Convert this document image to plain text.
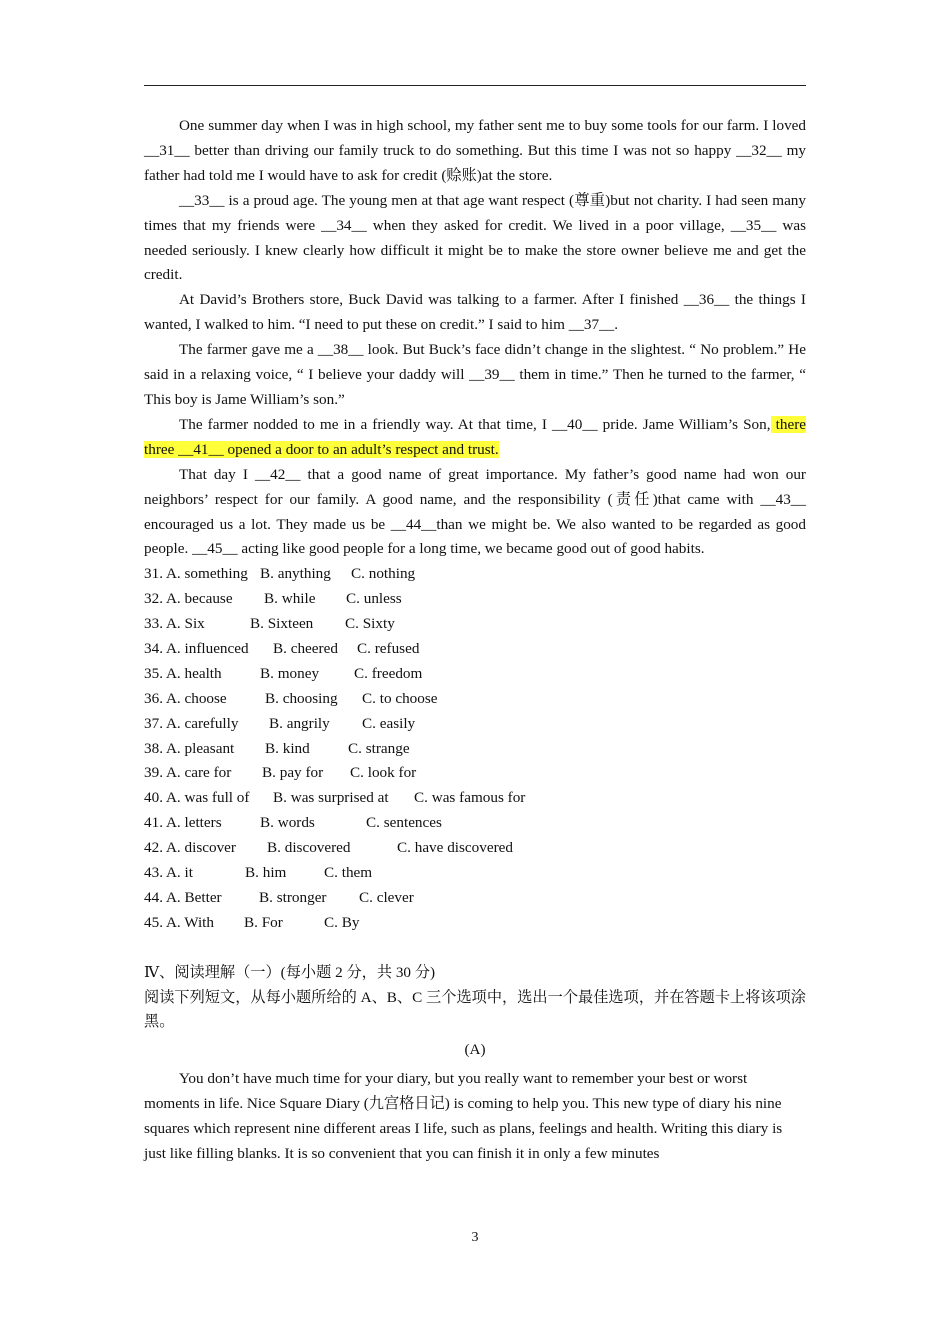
One summer day when I was in high school, my father sent me to buy some tools for our farm. I loved __31__ better than driving our family truck to do something. But this time I was not so happy __32__ my father had told me I would have to ask for credit (赊账)at the store.

__33__ is a proud age. The young men at that age want respect (尊重)but not charity. I had seen many times that my friends were __34__ when they asked for credit. We lived in a poor village, __35__ was needed seriously. I knew clearly how difficult it might be to make the store owner believe me and get the credit.

At David’s Brothers store, Buck David was talking to a farmer. After I finished __36__ the things I wanted, I walked to him. “I need to put these on credit.” I said to him __37__.

The farmer gave me a __38__ look. But Buck’s face didn’t change in the slightest. “ No problem.” He said in a relaxing voice, “ I believe your daddy will __39__ them in time.” Then he turned to the farmer, “ This boy is Jame William’s son.”

The farmer nodded to me in a friendly way. At that time, I __40__ pride. Jame William’s Son, there three __41__ opened a door to an adult’s respect and trust.

That day I __42__ that a good name of great importance. My father’s good name had won our neighbors’ respect for our family. A good name, and the responsibility (责任)that came with __43__ encouraged us a lot. They made us be __44__than we might be. We also wanted to be regarded as good people. __45__ acting like good people for a long time, we became good out of good habits.

31. A. something B. anything C. nothing
32. A. because B. while C. unless
33. A. Six	B. Sixteen C. Sixty
34. A. influenced B. cheered C. refused
35. A. health	B. money C. freedom
36. A. choose	B. choosing C. to choose
37. A. carefully B. angrily C. easily
38. A. pleasant B. kind	C. strange
39. A. care for B. pay for C. look for
40. A. was full of B. was surprised at C. was famous for
41. A. letters	B. words	C. sentences
42. A. discover B. discovered	C. have discovered
43. A. it	B. him C. them
44. A. Better B. stronger C. clever
45. A. With B. For	C. By
Ⅳ、阅读理解（一）(每小题 2 分，共 30 分)

阅读下列短文，从每小题所给的 A、B、C 三个选项中，选出一个最佳选项，并在答题卡上将该项涂黑。

(A)

You don’t have much time for your diary, but you really want to remember your best or worst moments in life. Nice Square Diary (九宫格日记) is coming to help you. This new type of diary his nine squares which represent nine different areas I life, such as plans, feelings and health. Writing this diary is just like filling blanks. It is so convenient that you can finish it in only a few minutes

3
